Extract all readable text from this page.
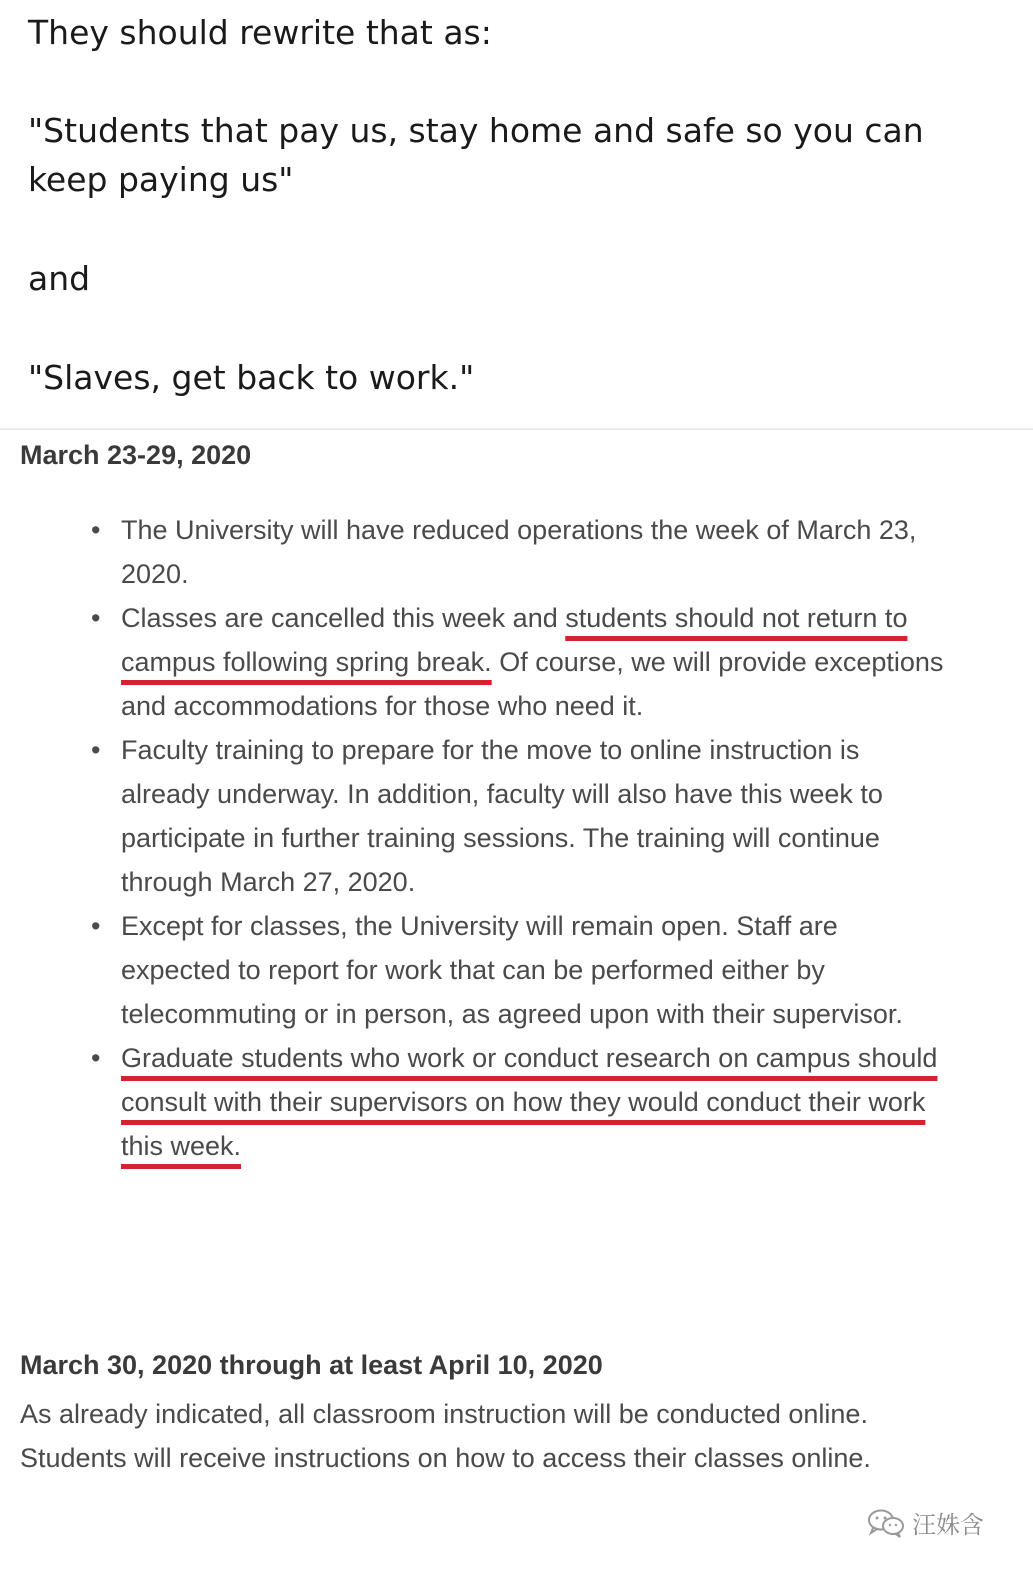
They should rewrite that as:

"Students that pay us, stay home and safe so you can keep paying us"

and

"Slaves, get back to work."

March 23-29, 2020
• The University will have reduced operations the week of March 23, 2020.
• Classes are cancelled this week and students should not return to campus following spring break. Of course, we will provide exceptions and accommodations for those who need it.
• Faculty training to prepare for the move to online instruction is already underway. In addition, faculty will also have this week to participate in further training sessions. The training will continue through March 27, 2020.
• Except for classes, the University will remain open. Staff are expected to report for work that can be performed either by telecommuting or in person, as agreed upon with their supervisor.
• Graduate students who work or conduct research on campus should consult with their supervisors on how they would conduct their work this week.
March 30, 2020 through at least April 10, 2020

As already indicated, all classroom instruction will be conducted online. Students will receive instructions on how to access their classes online.

汪姝含
